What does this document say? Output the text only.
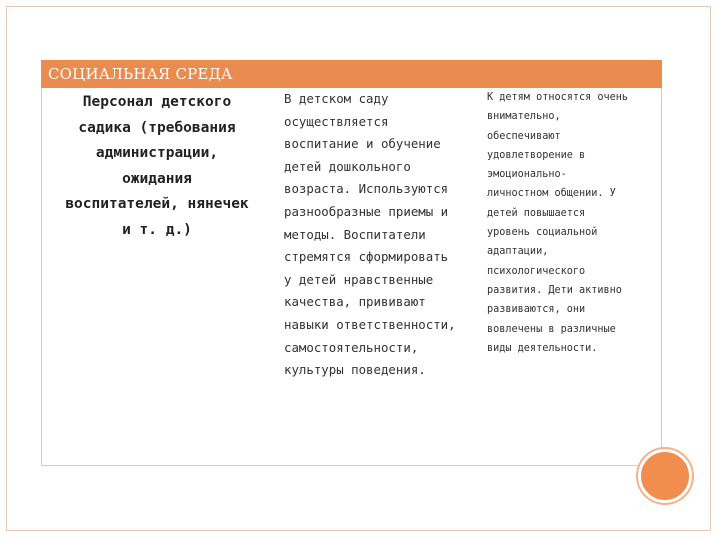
СОЦИАЛЬНАЯ СРЕДА
Персонал детского
садика (требования
администрации,
ожидания
воспитателей, нянечек
и т. д.)
В детском саду
осуществляется
воспитание и обучение
детей дошкольного
возраста. Используются
разнообразные приемы и
методы. Воспитатели
стремятся сформировать
у детей нравственные
качества, прививают
навыки ответственности,
самостоятельности,
культуры поведения.
К детям относятся очень
внимательно,
обеспечивают
удовлетворение в
эмоционально-
личностном общении. У
детей повышается
уровень социальной
адаптации,
психологического
развития. Дети активно
развиваются, они
вовлечены в различные
виды деятельности.
